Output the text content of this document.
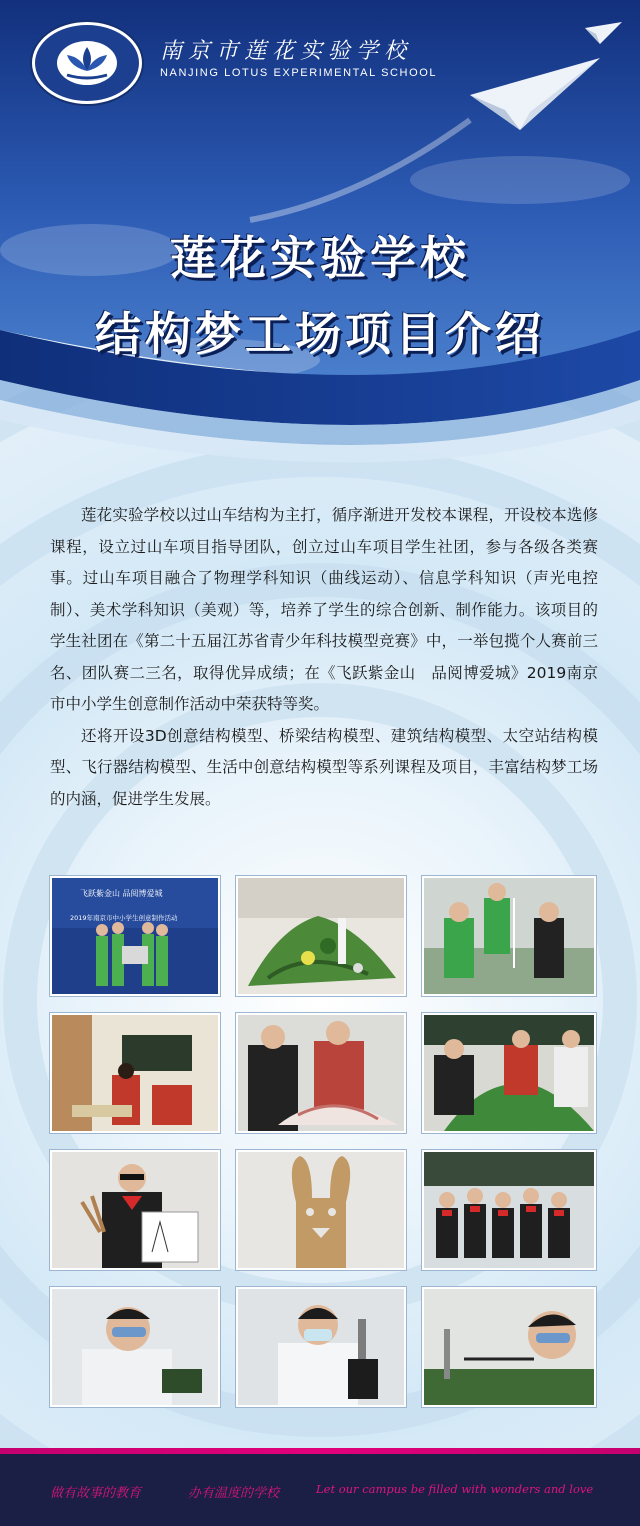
南京市莲花实验学校
NANJING LOTUS EXPERIMENTAL SCHOOL
莲花实验学校
结构梦工场项目介绍

莲花实验学校以过山车结构为主打，循序渐进开发校本课程，开设校本选修课程，设立过山车项目指导团队，创立过山车项目学生社团，参与各级各类赛事。过山车项目融合了物理学科知识（曲线运动）、信息学科知识（声光电控制）、美术学科知识（美观）等，培养了学生的综合创新、制作能力。该项目的学生社团在《第二十五届江苏省青少年科技模型竞赛》中，一举包揽个人赛前三名、团队赛二三名，取得优异成绩；在《飞跃紫金山　品阅博爱城》2019南京市中小学生创意制作活动中荣获特等奖。

还将开设3D创意结构模型、桥梁结构模型、建筑结构模型、太空站结构模型、飞行器结构模型、生活中创意结构模型等系列课程及项目，丰富结构梦工场的内涵，促进学生发展。

飞跃紫金山 品阅博爱城
2019年南京市中小学生创意制作活动
做有故事的教育	办有温度的学校	Let our campus be filled with wonders and love
